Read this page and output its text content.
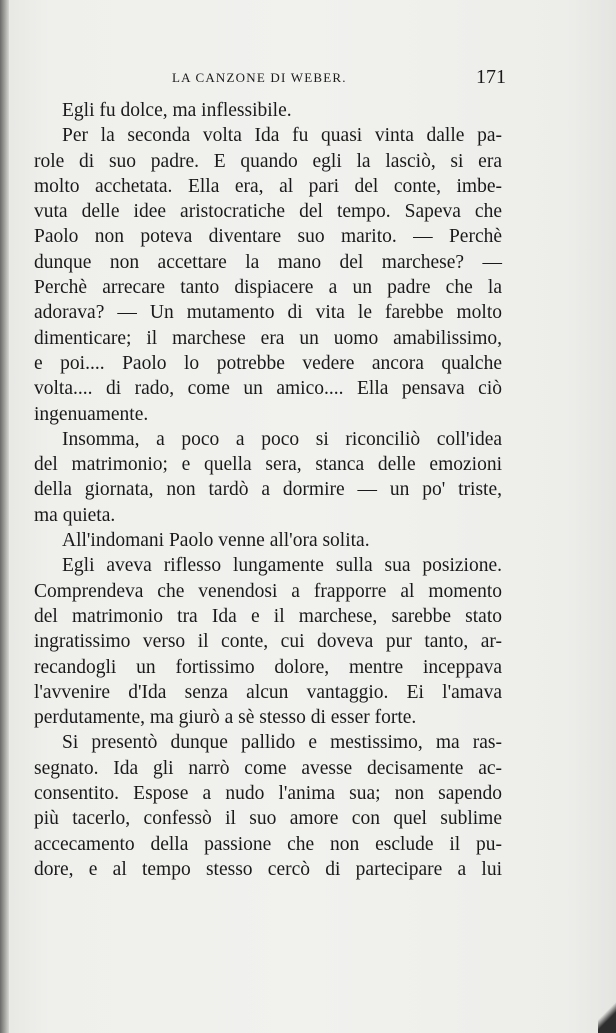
LA CANZONE DI WEBER.	171
Egli fu dolce, ma inflessibile.
Per la seconda volta Ida fu quasi vinta dalle pa-
role di suo padre. E quando egli la lasciò, si era
molto acchetata. Ella era, al pari del conte, imbe-
vuta delle idee aristocratiche del tempo. Sapeva che
Paolo non poteva diventare suo marito. — Perchè
dunque non accettare la mano del marchese? —
Perchè arrecare tanto dispiacere a un padre che la
adorava? — Un mutamento di vita le farebbe molto
dimenticare; il marchese era un uomo amabilissimo,
e poi.... Paolo lo potrebbe vedere ancora qualche
volta.... di rado, come un amico.... Ella pensava ciò
ingenuamente.
Insomma, a poco a poco si riconciliò coll'idea
del matrimonio; e quella sera, stanca delle emozioni
della giornata, non tardò a dormire — un po' triste,
ma quieta.
All'indomani Paolo venne all'ora solita.
Egli aveva riflesso lungamente sulla sua posizione.
Comprendeva che venendosi a frapporre al momento
del matrimonio tra Ida e il marchese, sarebbe stato
ingratissimo verso il conte, cui doveva pur tanto, ar-
recandogli un fortissimo dolore, mentre inceppava
l'avvenire d'Ida senza alcun vantaggio. Ei l'amava
perdutamente, ma giurò a sè stesso di esser forte.
Si presentò dunque pallido e mestissimo, ma ras-
segnato. Ida gli narrò come avesse decisamente ac-
consentito. Espose a nudo l'anima sua; non sapendo
più tacerlo, confessò il suo amore con quel sublime
accecamento della passione che non esclude il pu-
dore, e al tempo stesso cercò di partecipare a lui
